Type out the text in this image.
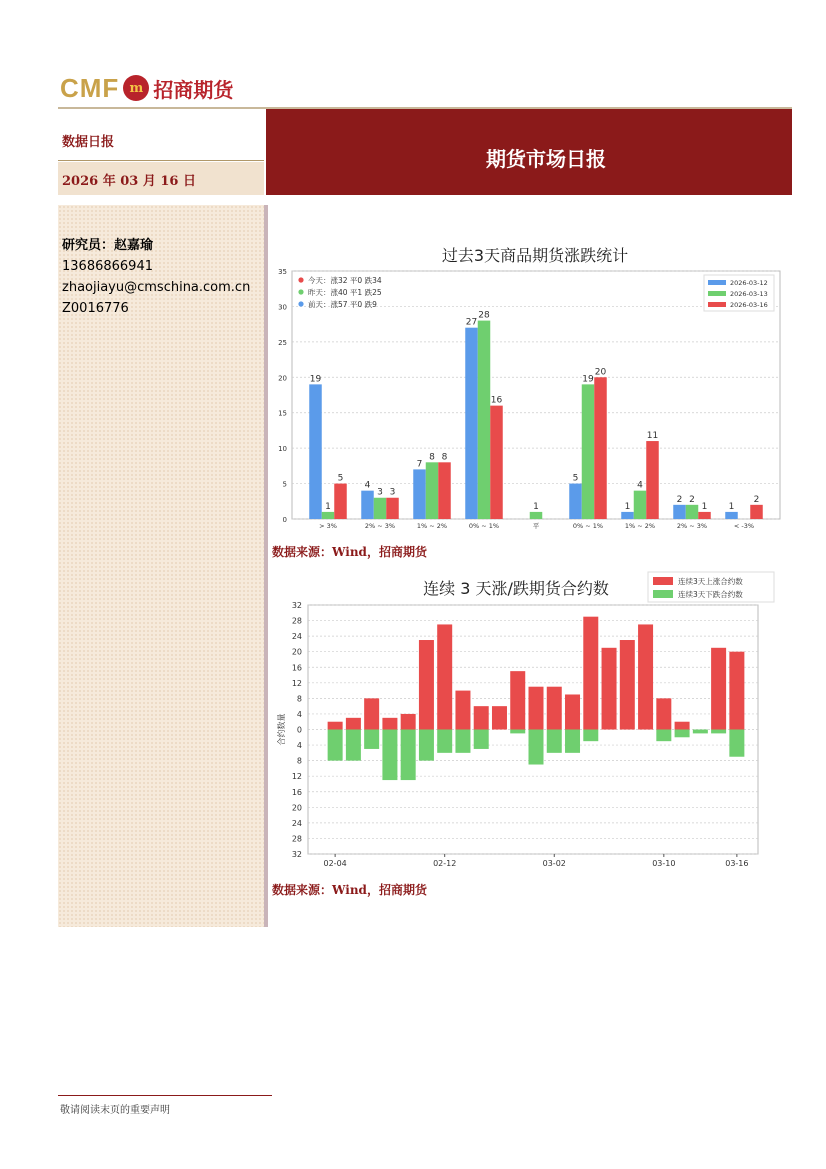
CMF m 招商期货
数据日报
2026 年 03 月 16 日
期货市场日报
研究员：赵嘉瑜
13686866941
zhaojiayu@cmschina.com.cn
Z0016776
过去3天商品期货涨跌统计
0
5
10
15
20
25
30
35
> 3%
19
1
5
2% ~ 3%
4
3 3
1% ~ 2%
7
8 8
0% ~ 1%
27
28
16
平
1
0% ~ 1%
5
19
20
1% ~ 2%
1
4
11
2% ~ 3%
2 2
1
< -3%
1
2
2026-03-12
2026-03-13
2026-03-16
今天：涨32 平0 跌34
昨天：涨40 平1 跌25
前天：涨57 平0 跌9
数据来源：Wind，招商期货
连续 3 天涨/跌期货合约数
32
28
24
20
16
12
8
4
0
4
8
12
16
20
24
28
32
合约数量
02-04	02-12	03-02	03-10	03-16
连续3天上涨合约数
连续3天下跌合约数
数据来源：Wind，招商期货
敬请阅读末页的重要声明
